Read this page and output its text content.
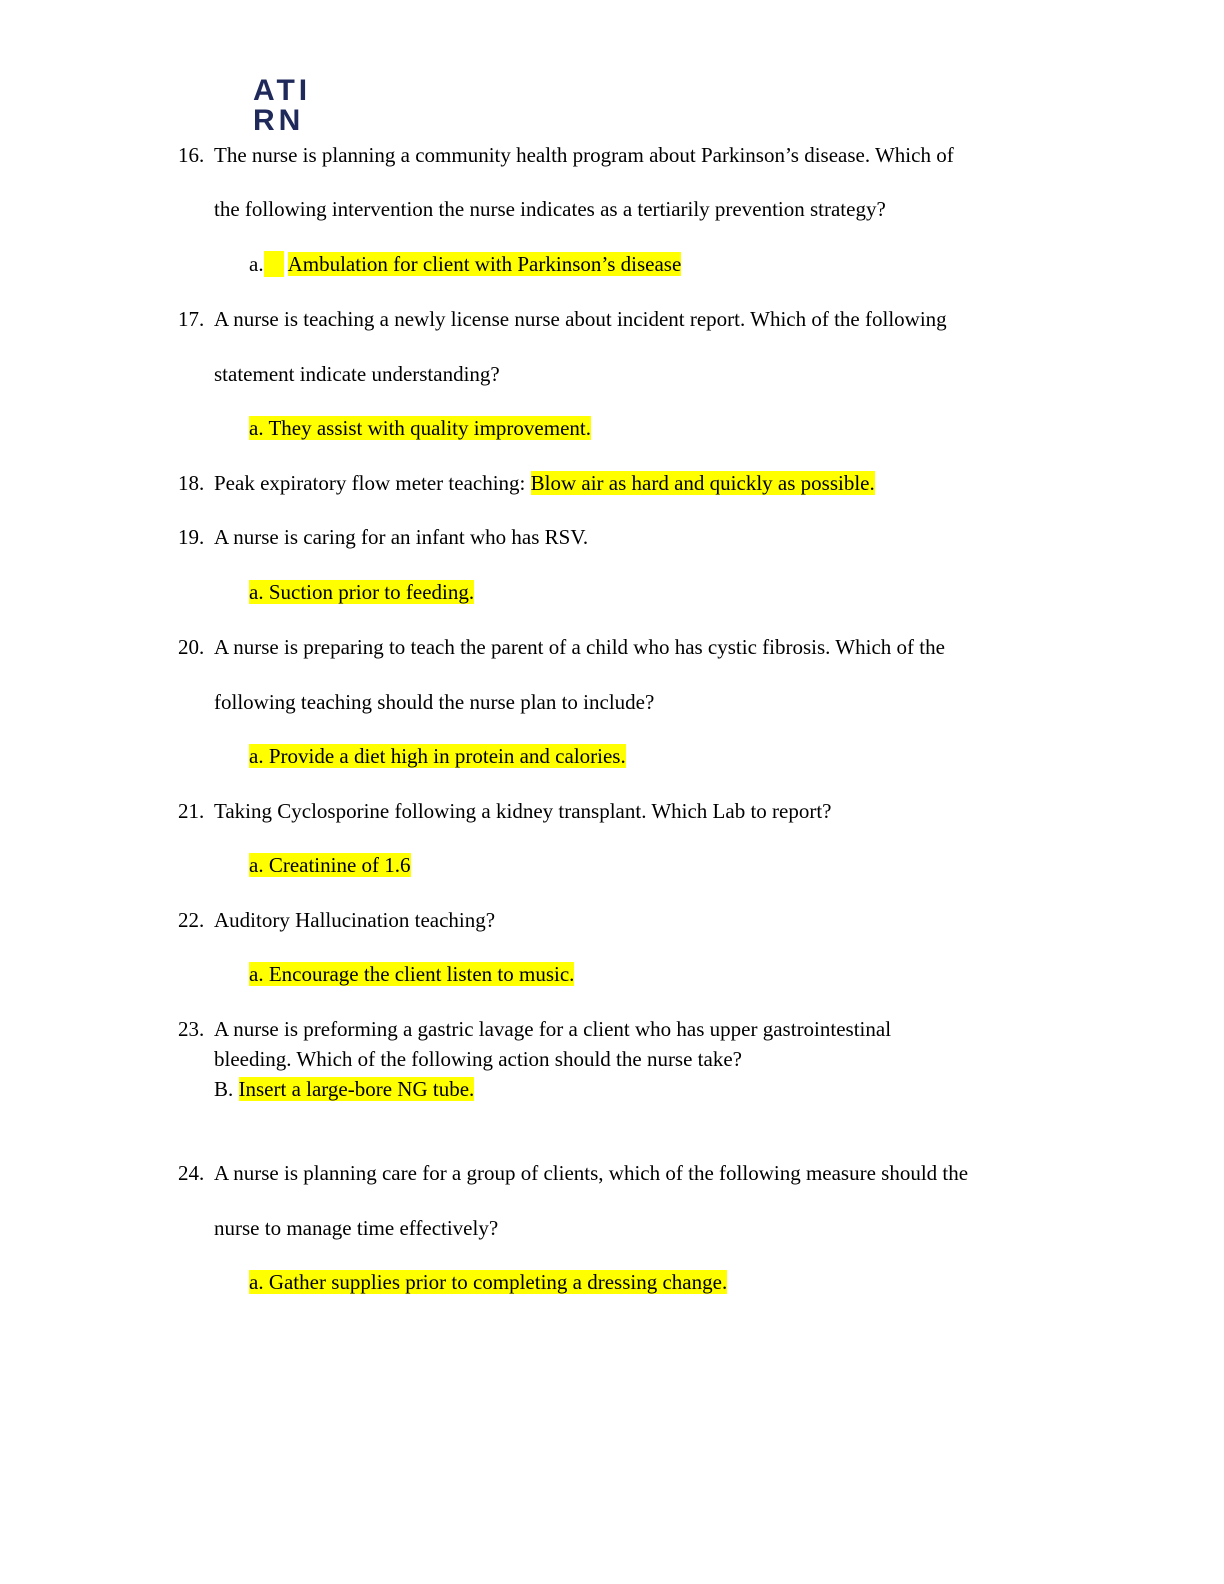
ATI RN
16. The nurse is planning a community health program about Parkinson’s disease. Which of
the following intervention the nurse indicates as a tertiarily prevention strategy?
a. Ambulation for client with Parkinson’s disease
17. A nurse is teaching a newly license nurse about incident report. Which of the following
statement indicate understanding?
a. They assist with quality improvement.
18. Peak expiratory flow meter teaching: Blow air as hard and quickly as possible.
19. A nurse is caring for an infant who has RSV.
a. Suction prior to feeding.
20. A nurse is preparing to teach the parent of a child who has cystic fibrosis. Which of the
following teaching should the nurse plan to include?
a. Provide a diet high in protein and calories.
21. Taking Cyclosporine following a kidney transplant. Which Lab to report?
a. Creatinine of 1.6
22. Auditory Hallucination teaching?
a. Encourage the client listen to music.
23. A nurse is preforming a gastric lavage for a client who has upper gastrointestinal
bleeding. Which of the following action should the nurse take?
B. Insert a large-bore NG tube.
24. A nurse is planning care for a group of clients, which of the following measure should the
nurse to manage time effectively?
a. Gather supplies prior to completing a dressing change.
